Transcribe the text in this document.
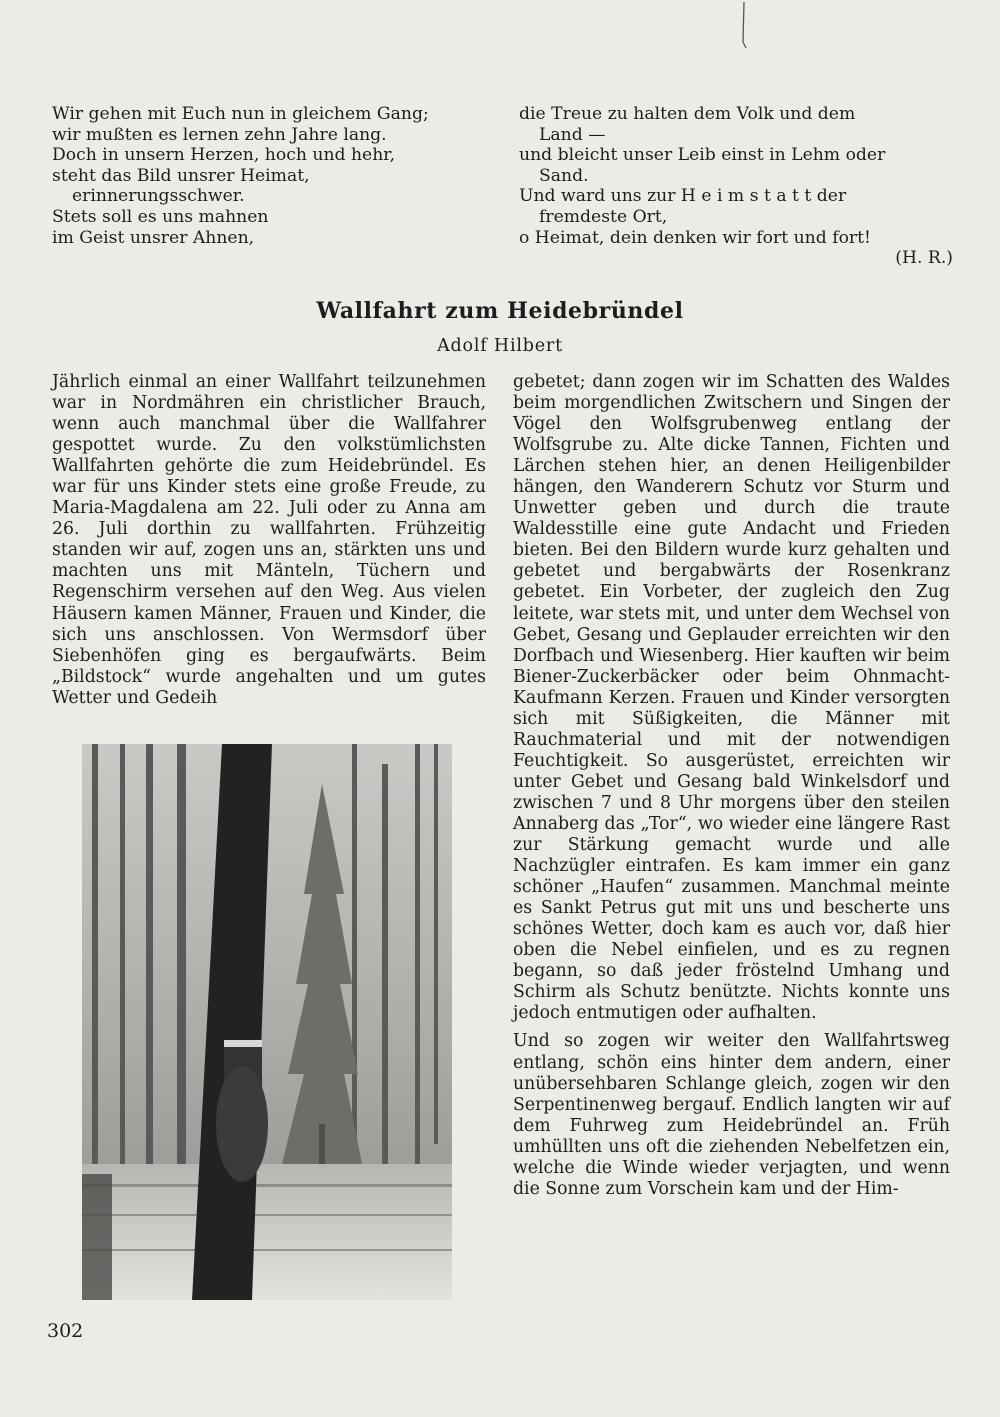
Wir gehen mit Euch nun in gleichem Gang;

wir mußten es lernen zehn Jahre lang.

Doch in unsern Herzen, hoch und hehr,

steht das Bild unsrer Heimat,

erinnerungsschwer.

Stets soll es uns mahnen

im Geist unsrer Ahnen,

die Treue zu halten dem Volk und dem

Land —

und bleicht unser Leib einst in Lehm oder

Sand.

Und ward uns zur H e i m s t a t t der

fremdeste Ort,

o Heimat, dein denken wir fort und fort!

(H. R.)

Wallfahrt zum Heidebründel

Adolf Hilbert

Jährlich einmal an einer Wallfahrt teilzunehmen war in Nordmähren ein christlicher Brauch, wenn auch manchmal über die Wallfahrer gespottet wurde. Zu den volkstümlichsten Wallfahrten gehörte die zum Heidebründel. Es war für uns Kinder stets eine große Freude, zu Maria-Magdalena am 22. Juli oder zu Anna am 26. Juli dorthin zu wallfahrten. Frühzeitig standen wir auf, zogen uns an, stärkten uns und machten uns mit Mänteln, Tüchern und Regenschirm versehen auf den Weg. Aus vielen Häusern kamen Männer, Frauen und Kinder, die sich uns anschlossen. Von Wermsdorf über Siebenhöfen ging es bergaufwärts. Beim „Bildstock“ wurde angehalten und um gutes Wetter und Gedeih

gebetet; dann zogen wir im Schatten des Waldes beim morgendlichen Zwitschern und Singen der Vögel den Wolfsgrubenweg entlang der Wolfsgrube zu. Alte dicke Tannen, Fichten und Lärchen stehen hier, an denen Heiligenbilder hängen, den Wanderern Schutz vor Sturm und Unwetter geben und durch die traute Waldesstille eine gute Andacht und Frieden bieten. Bei den Bildern wurde kurz gehalten und gebetet und bergabwärts der Rosenkranz gebetet. Ein Vorbeter, der zugleich den Zug leitete, war stets mit, und unter dem Wechsel von Gebet, Gesang und Geplauder erreichten wir den Dorfbach und Wiesenberg. Hier kauften wir beim Biener-Zuckerbäcker oder beim Ohnmacht-Kaufmann Kerzen. Frauen und Kinder versorgten sich mit Süßigkeiten, die Männer mit Rauchmaterial und mit der notwendigen Feuchtigkeit. So ausgerüstet, erreichten wir unter Gebet und Gesang bald Winkelsdorf und zwischen 7 und 8 Uhr morgens über den steilen Annaberg das „Tor“, wo wieder eine längere Rast zur Stärkung gemacht wurde und alle Nachzügler eintrafen. Es kam immer ein ganz schöner „Haufen“ zusammen. Manchmal meinte es Sankt Petrus gut mit uns und bescherte uns schönes Wetter, doch kam es auch vor, daß hier oben die Nebel einfielen, und es zu regnen begann, so daß jeder fröstelnd Umhang und Schirm als Schutz benützte. Nichts konnte uns jedoch entmutigen oder aufhalten.

Und so zogen wir weiter den Wallfahrtsweg entlang, schön eins hinter dem andern, einer unübersehbaren Schlange gleich, zogen wir den Serpentinenweg bergauf. Endlich langten wir auf dem Fuhrweg zum Heidebründel an. Früh umhüllten uns oft die ziehenden Nebelfetzen ein, welche die Winde wieder verjagten, und wenn die Sonne zum Vorschein kam und der Him-

302
